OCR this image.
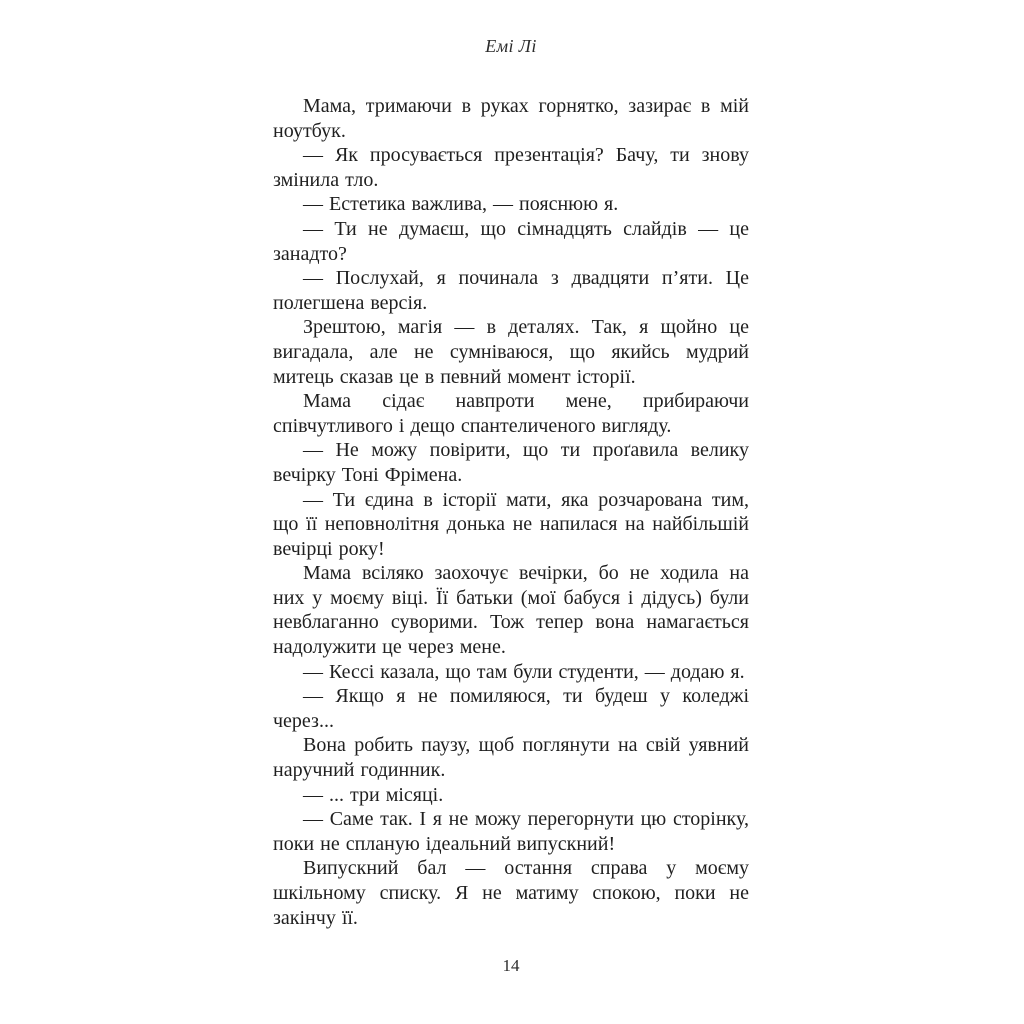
Емі Лі

Мама, тримаючи в руках горнятко, зазирає в мій ноутбук.

— Як просувається презентація? Бачу, ти знову змінила тло.

— Естетика важлива, — пояснюю я.

— Ти не думаєш, що сімнадцять слайдів — це занадто?

— Послухай, я починала з двадцяти п’яти. Це полегшена версія.

Зрештою, магія — в деталях. Так, я щойно це вигадала, але не сумніваюся, що якийсь мудрий митець сказав це в певний момент історії.

Мама сідає навпроти мене, прибираючи співчутливого і дещо спантеличеного вигляду.

— Не можу повірити, що ти проґавила велику вечірку Тоні Фрімена.

— Ти єдина в історії мати, яка розчарована тим, що її неповнолітня донька не напилася на найбільшій вечірці року!

Мама всіляко заохочує вечірки, бо не ходила на них у моєму віці. Її батьки (мої бабуся і дідусь) були невблаганно суворими. Тож тепер вона намагається надолужити це через мене.

— Кессі казала, що там були студенти, — додаю я.

— Якщо я не помиляюся, ти будеш у коледжі через...

Вона робить паузу, щоб поглянути на свій уявний наручний годинник.

— ... три місяці.

— Саме так. І я не можу перегорнути цю сторінку, поки не спланую ідеальний випускний!

Випускний бал — остання справа у моєму шкільному списку. Я не матиму спокою, поки не закінчу її.

14
